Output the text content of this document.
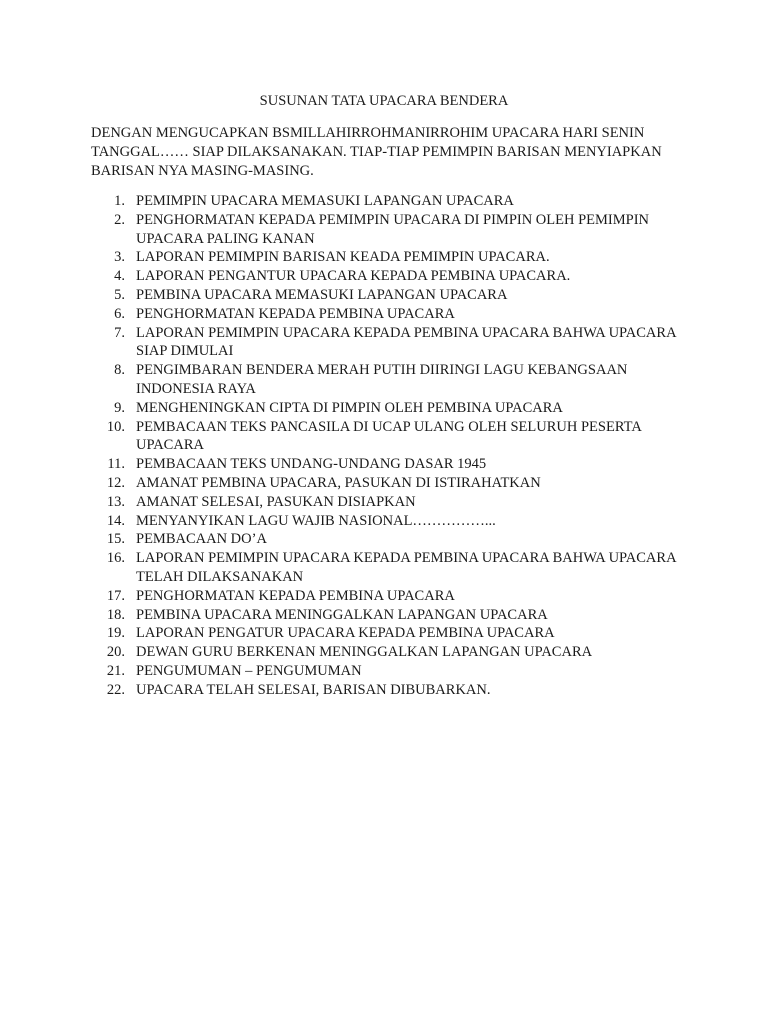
SUSUNAN TATA UPACARA BENDERA

DENGAN MENGUCAPKAN BSMILLAHIRROHMANIRROHIM UPACARA HARI SENIN

TANGGAL…… SIAP DILAKSANAKAN. TIAP-TIAP PEMIMPIN BARISAN MENYIAPKAN

BARISAN NYA MASING-MASING.

1. PEMIMPIN UPACARA MEMASUKI LAPANGAN UPACARA
2. PENGHORMATAN KEPADA PEMIMPIN UPACARA DI PIMPIN OLEH PEMIMPIN
UPACARA PALING KANAN
3. LAPORAN PEMIMPIN BARISAN KEADA PEMIMPIN UPACARA.
4. LAPORAN PENGANTUR UPACARA KEPADA PEMBINA UPACARA.
5. PEMBINA UPACARA MEMASUKI LAPANGAN UPACARA
6. PENGHORMATAN KEPADA PEMBINA UPACARA
7. LAPORAN PEMIMPIN UPACARA KEPADA PEMBINA UPACARA BAHWA UPACARA
SIAP DIMULAI
8. PENGIMBARAN BENDERA MERAH PUTIH DIIRINGI LAGU KEBANGSAAN
INDONESIA RAYA
9. MENGHENINGKAN CIPTA DI PIMPIN OLEH PEMBINA UPACARA
10. PEMBACAAN TEKS PANCASILA DI UCAP ULANG OLEH SELURUH PESERTA
UPACARA
11. PEMBACAAN TEKS UNDANG-UNDANG DASAR 1945
12. AMANAT PEMBINA UPACARA, PASUKAN DI ISTIRAHATKAN
13. AMANAT SELESAI, PASUKAN DISIAPKAN
14. MENYANYIKAN LAGU WAJIB NASIONAL……………...
15. PEMBACAAN DO’A
16. LAPORAN PEMIMPIN UPACARA KEPADA PEMBINA UPACARA BAHWA UPACARA
TELAH DILAKSANAKAN
17. PENGHORMATAN KEPADA PEMBINA UPACARA
18. PEMBINA UPACARA MENINGGALKAN LAPANGAN UPACARA
19. LAPORAN PENGATUR UPACARA KEPADA PEMBINA UPACARA
20. DEWAN GURU BERKENAN MENINGGALKAN LAPANGAN UPACARA
21. PENGUMUMAN – PENGUMUMAN
22. UPACARA TELAH SELESAI, BARISAN DIBUBARKAN.
